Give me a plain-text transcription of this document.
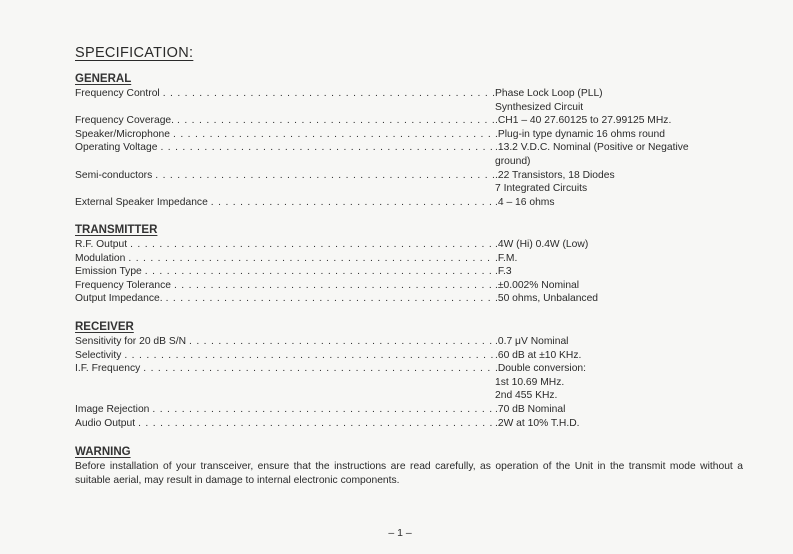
SPECIFICATION:
GENERAL
Frequency Control . . .	Phase Lock Loop (PLL)
Synthesized Circuit
Frequency Coverage. . . .	.CH1 – 40 27.60125 to 27.99125 MHz.
Speaker/Microphone . . .	.Plug-in type dynamic 16 ohms round
Operating Voltage . . .	.13.2 V.D.C. Nominal (Positive or Negative
ground)
Semi-conductors . . .	.22 Transistors, 18 Diodes
7 Integrated Circuits
External Speaker Impedance . . .	.4 – 16 ohms
TRANSMITTER
R.F. Output . . .	.4W (Hi) 0.4W (Low)
Modulation . . .	.F.M.
Emission Type . . .	.F.3
Frequency Tolerance . . .	.±0.002% Nominal
Output Impedance. . . .	.50 ohms, Unbalanced
RECEIVER
Sensitivity for 20 dB S/N . . .	.0.7 μV Nominal
Selectivity . . .	.60 dB at ±10 KHz.
I.F. Frequency . . .	.Double conversion:
1st 10.69 MHz.
2nd 455 KHz.
Image Rejection . . .	.70 dB Nominal
Audio Output . . .	.2W at 10% T.H.D.
WARNING
Before installation of your transceiver, ensure that the instructions are read carefully, as operation of the Unit in the transmit mode without a suitable aerial, may result in damage to internal electronic components.
– 1 –
